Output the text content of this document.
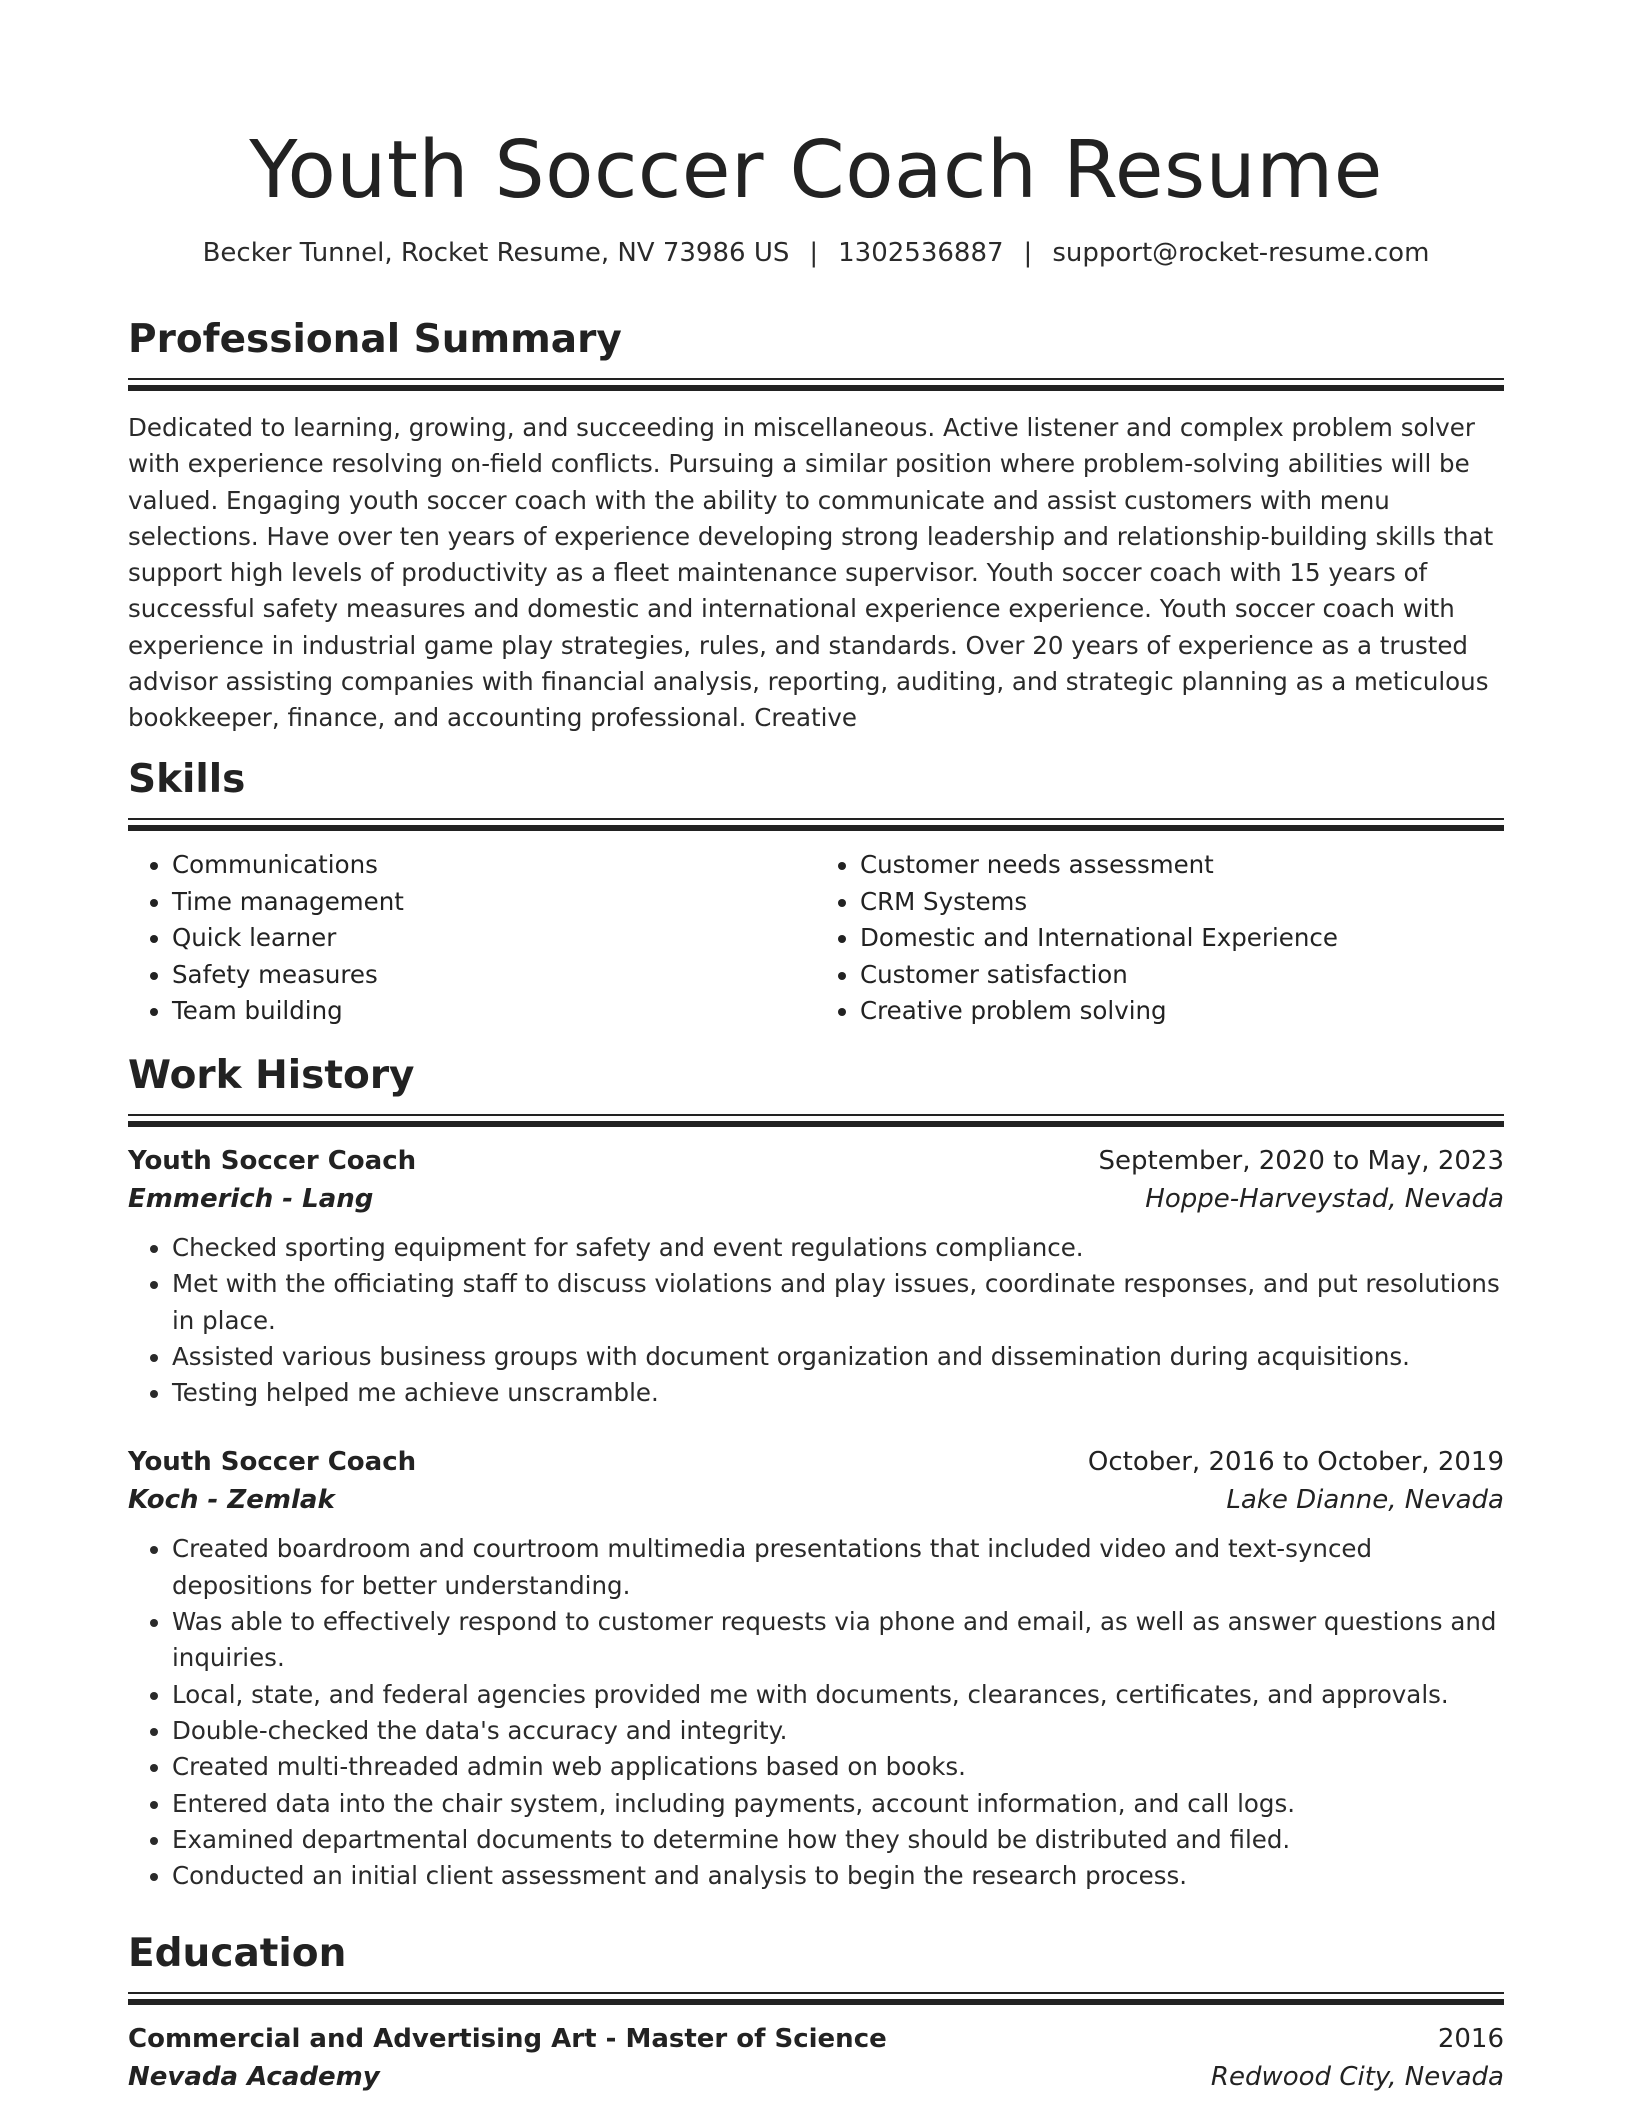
Youth Soccer Coach Resume
Becker Tunnel, Rocket Resume, NV 73986 US | 1302536887 | support@rocket-resume.com
Professional Summary

Dedicated to learning, growing, and succeeding in miscellaneous. Active listener and complex problem solver with experience resolving on-field conflicts. Pursuing a similar position where problem-solving abilities will be valued. Engaging youth soccer coach with the ability to communicate and assist customers with menu selections. Have over ten years of experience developing strong leadership and relationship-building skills that support high levels of productivity as a fleet maintenance supervisor. Youth soccer coach with 15 years of successful safety measures and domestic and international experience experience. Youth soccer coach with experience in industrial game play strategies, rules, and standards. Over 20 years of experience as a trusted advisor assisting companies with financial analysis, reporting, auditing, and strategic planning as a meticulous bookkeeper, finance, and accounting professional. Creative

Skills
• Communications
• Time management
• Quick learner
• Safety measures
• Team building
• Customer needs assessment
• CRM Systems
• Domestic and International Experience
• Customer satisfaction
• Creative problem solving
Work History
Youth Soccer Coach	September, 2020 to May, 2023
Emmerich - Lang	Hoppe-Harveystad, Nevada
• Checked sporting equipment for safety and event regulations compliance.
• Met with the officiating staff to discuss violations and play issues, coordinate responses, and put resolutions in place.
• Assisted various business groups with document organization and dissemination during acquisitions.
• Testing helped me achieve unscramble.
Youth Soccer Coach	October, 2016 to October, 2019
Koch - Zemlak	Lake Dianne, Nevada
• Created boardroom and courtroom multimedia presentations that included video and text-synced depositions for better understanding.
• Was able to effectively respond to customer requests via phone and email, as well as answer questions and inquiries.
• Local, state, and federal agencies provided me with documents, clearances, certificates, and approvals.
• Double-checked the data's accuracy and integrity.
• Created multi-threaded admin web applications based on books.
• Entered data into the chair system, including payments, account information, and call logs.
• Examined departmental documents to determine how they should be distributed and filed.
• Conducted an initial client assessment and analysis to begin the research process.
Education
Commercial and Advertising Art - Master of Science	2016
Nevada Academy	Redwood City, Nevada
